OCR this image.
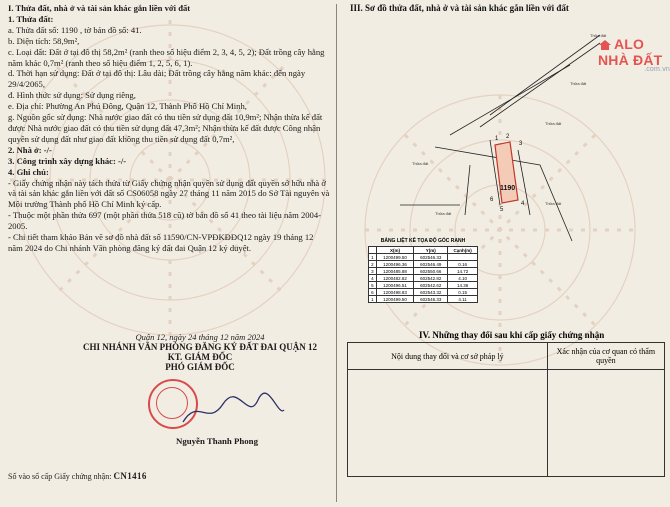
I. Thửa đất, nhà ở và tài sản khác gắn liền với đất

1. Thửa đất:

a. Thửa đất số: 1190 , tờ bản đồ số: 41.

b. Diện tích: 58,9m²,

c. Loại đất: Đất ở tại đô thị 58,2m² (ranh theo số hiệu điểm 2, 3, 4, 5, 2); Đất trồng cây hằng năm khác 0,7m² (ranh theo số hiệu điểm 1, 2, 5, 6, 1).

d. Thời hạn sử dụng: Đất ở tại đô thị: Lâu dài; Đất trồng cây hằng năm khác: đến ngày 29/4/2065,

đ. Hình thức sử dụng: Sử dụng riêng,

e. Địa chỉ: Phường An Phú Đông, Quận 12, Thành Phố Hồ Chí Minh,

g. Nguồn gốc sử dụng: Nhà nước giao đất có thu tiền sử dụng đất 10,9m²; Nhận thừa kế đất được Nhà nước giao đất có thu tiền sử dụng đất 47,3m²; Nhận thừa kế đất được Công nhận quyền sử dụng đất như giao đất không thu tiền sử dụng đất 0,7m²,

2. Nhà ở: -/-

3. Công trình xây dựng khác: -/-

4. Ghi chú:

- Giấy chứng nhận này tách thửa từ Giấy chứng nhận quyền sử dụng đất quyền sở hữu nhà ở và tài sản khác gắn liền với đất số CS06058 ngày 27 tháng 11 năm 2015 do Sở Tài nguyên và Môi trường Thành phố Hồ Chí Minh ký cấp.

- Thuộc một phần thửa 697 (một phần thửa 518 cũ) tờ bản đồ số 41 theo tài liệu năm 2004-2005.

- Chi tiết tham khảo Bản vẽ sơ đồ nhà đất số 11590/CN-VPĐKĐĐQ12 ngày 19 tháng 12 năm 2024 do Chi nhánh Văn phòng đăng ký đất đai Quận 12 ký duyệt.

Quận 12, ngày 24 tháng 12 năm 2024
CHI NHÁNH VĂN PHÒNG ĐĂNG KÝ ĐẤT ĐAI QUẬN 12
KT. GIÁM ĐỐC
PHÓ GIÁM ĐỐC
Nguyễn Thanh Phong
Số vào sổ cấp Giấy chứng nhận: CN1416
III. Sơ đồ thửa đất, nhà ở và tài sản khác gắn liền với đất
Thửa đất
Thửa đất
Thửa đất
Thửa đất
Thửa đất
Thửa đất
1190
1 2
3
4
5
6
BẢNG LIỆT KÊ TỌA ĐỘ GÓC RANH
	X(m)	Y(m)	Cạnh(m)
1	1200499.50	602546.33	
2	1200496.36	602546.49	0.16
3	1200485.88	602550.66	14.72
4	1200482.82	602542.82	4.10
5	1200496.51	602542.62	14.36
6	1200498.83	602543.32	0.15
1	1200499.50	602546.33	4.11
ALO NHÀ ĐẤT
.com.vn
IV. Những thay đổi sau khi cấp giấy chứng nhận
Nội dung thay đổi và cơ sở pháp lý	Xác nhận của cơ quan có thẩm quyền
